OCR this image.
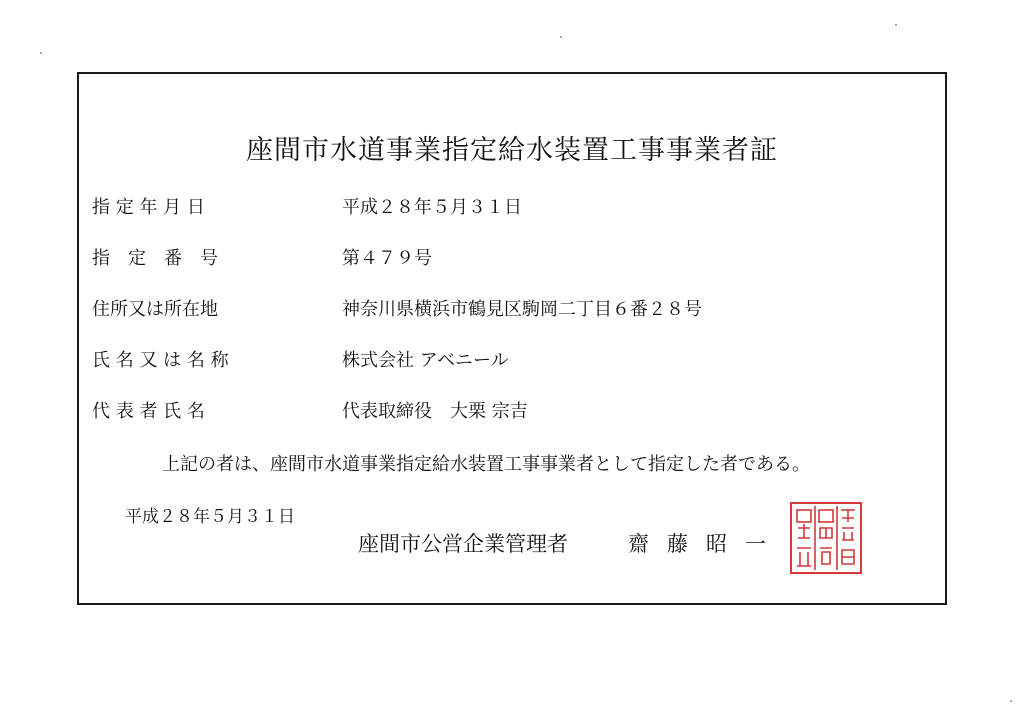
座間市水道事業指定給水装置工事事業者証
指 定 年 月 日	平成２８年５月３１日
指　定　番　号	第４７９号
住所又は所在地	神奈川県横浜市鶴見区駒岡二丁目６番２８号
氏 名 又 は 名 称	株式会社 アベニール
代 表 者 氏 名	代表取締役　大栗 宗吉
上記の者は、座間市水道事業指定給水装置工事事業者として指定した者である。
平成２８年５月３１日
座間市公営企業管理者	齋藤昭一
